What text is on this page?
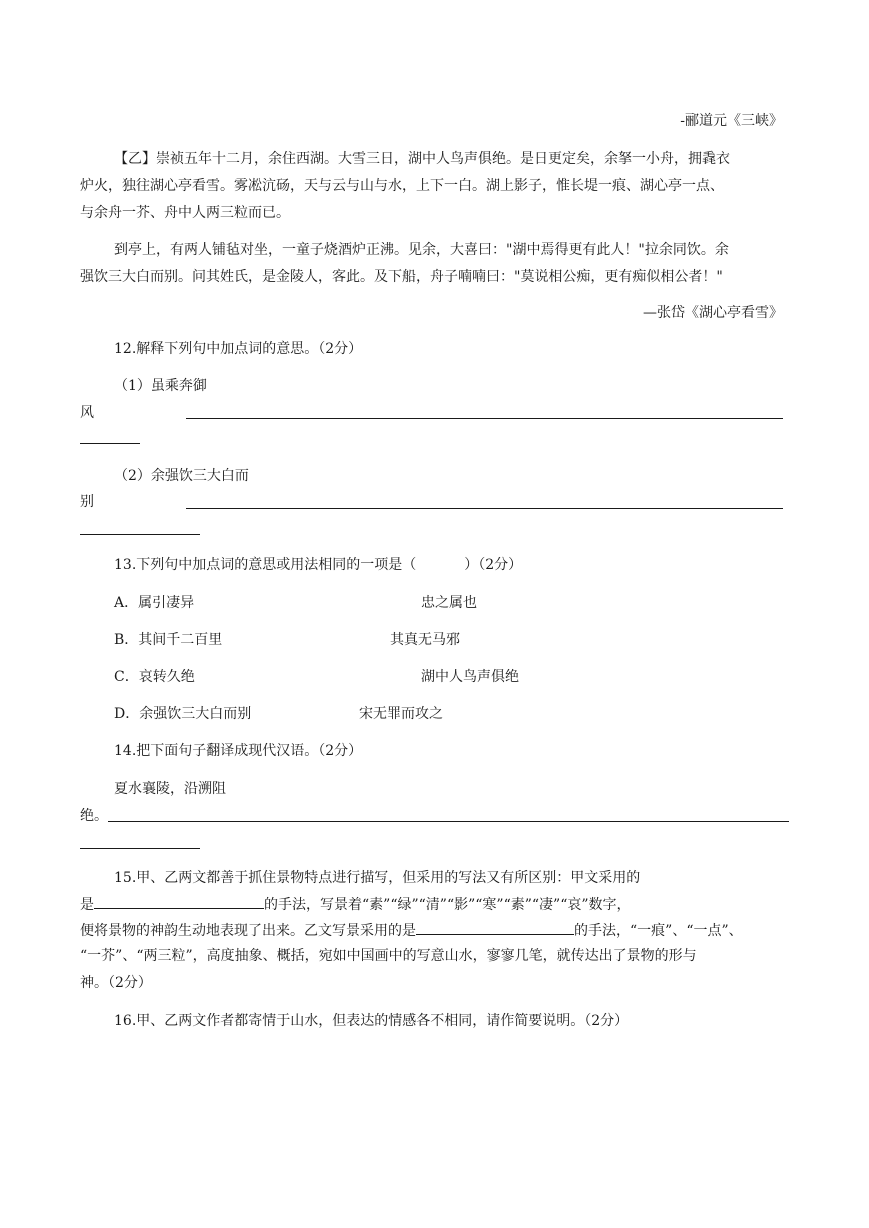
-郦道元《三峡》
【乙】崇祯五年十二月，余住西湖。大雪三日，湖中人鸟声俱绝。是日更定矣，余拏一小舟，拥毳衣
炉火，独往湖心亭看雪。雾凇沆砀，天与云与山与水，上下一白。湖上影子，惟长堤一痕、湖心亭一点、
与余舟一芥、舟中人两三粒而已。
到亭上，有两人铺毡对坐，一童子烧酒炉正沸。见余，大喜曰："湖中焉得更有此人！"拉余同饮。余
强饮三大白而别。问其姓氏，是金陵人，客此。及下船，舟子喃喃曰："莫说相公痴，更有痴似相公者！"
—张岱《湖心亭看雪》
12.解释下列句中加点词的意思。（2分）
（1）虽乘奔御
风
（2）余强饮三大白而
别
13.下列句中加点词的意思或用法相同的一项是（	）（2分）
A．属引凄异	忠之属也
B．其间千二百里	其真无马邪
C．哀转久绝	湖中人鸟声俱绝
D．余强饮三大白而别	宋无罪而攻之
14.把下面句子翻译成现代汉语。（2分）
夏水襄陵，沿溯阻
绝。
15.甲、乙两文都善于抓住景物特点进行描写，但采用的写法又有所区别：甲文采用的
是	的手法，写景着“素”“绿”“清”“影”“寒”“素”“凄”“哀”数字，
便将景物的神韵生动地表现了出来。乙文写景采用的是	的手法，“一痕”、“一点”、
“一芥”、“两三粒”，高度抽象、概括，宛如中国画中的写意山水，寥寥几笔，就传达出了景物的形与
神。（2分）
16.甲、乙两文作者都寄情于山水，但表达的情感各不相同，请作简要说明。（2分）
